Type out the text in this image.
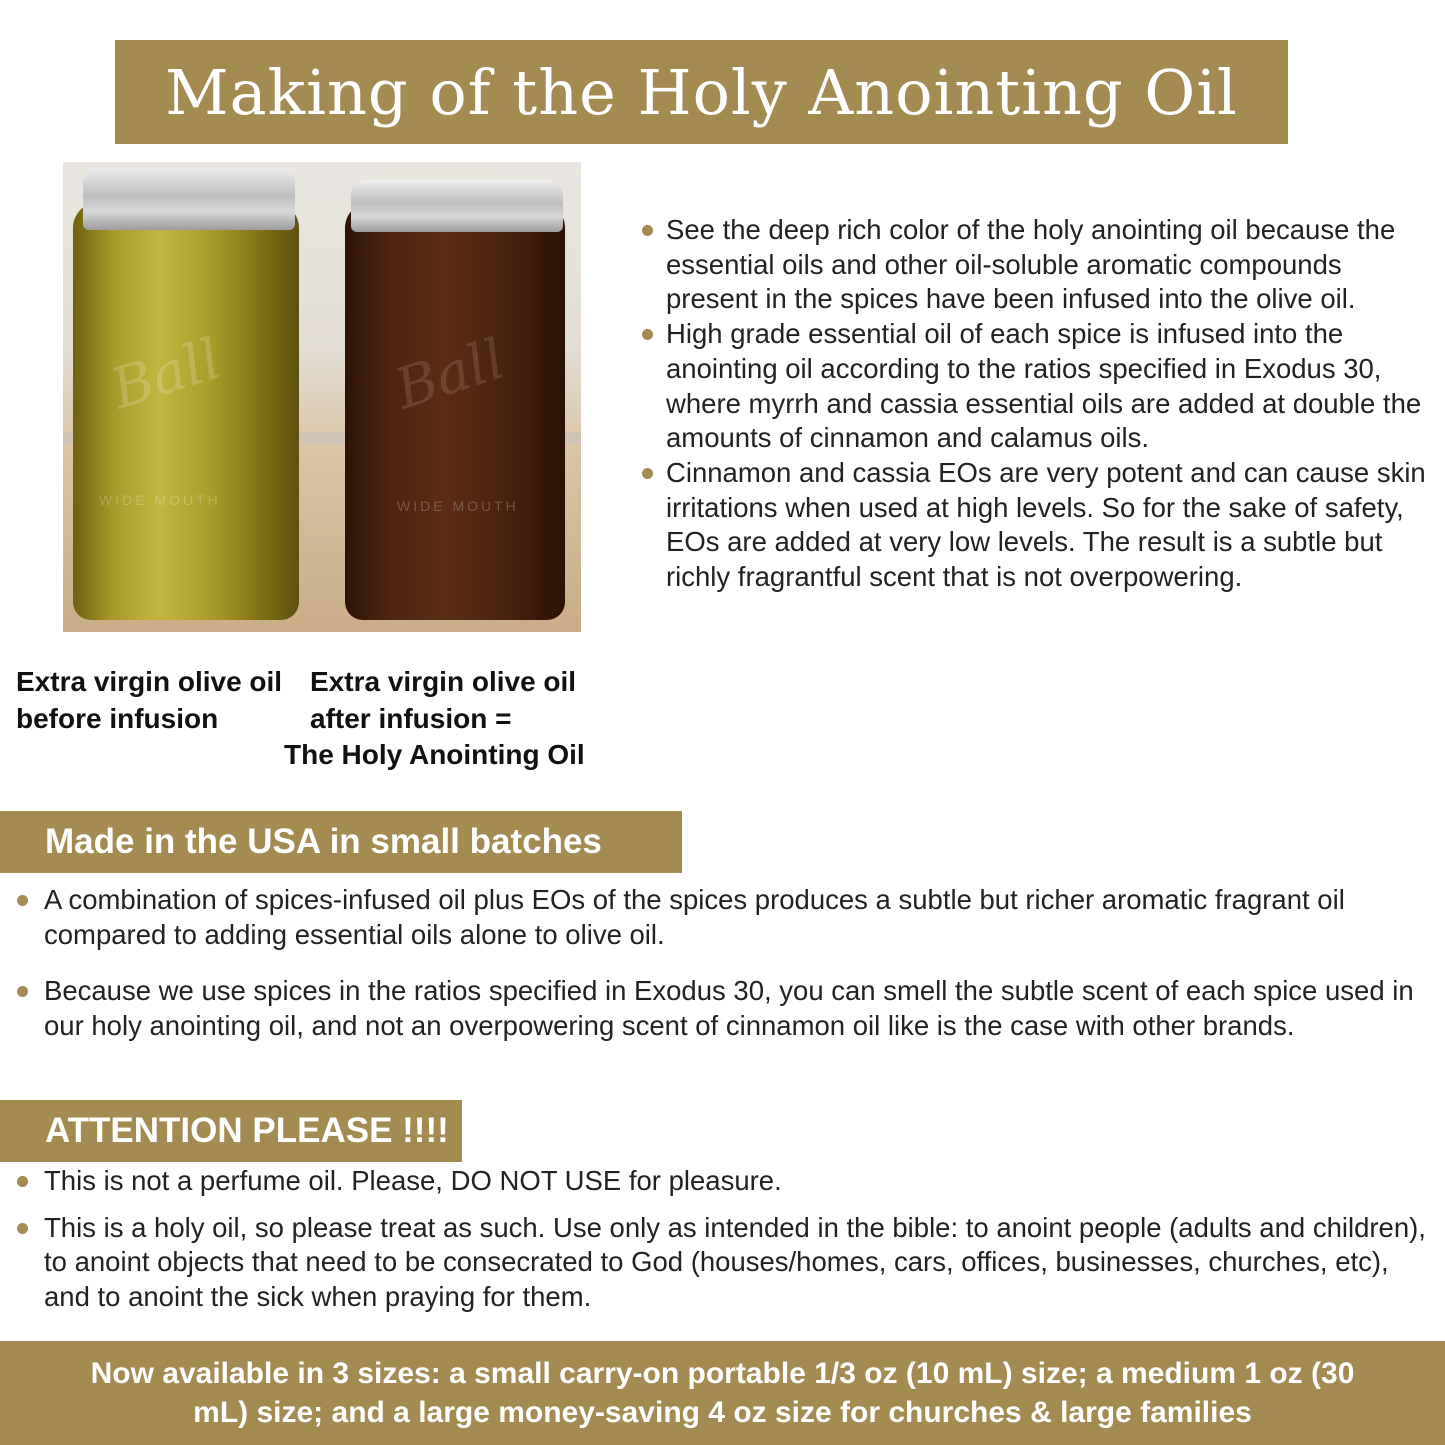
Making of the Holy Anointing Oil
Ball	Ball
WIDE MOUTH	WIDE MOUTH
Extra virgin olive oil before infusion
Extra virgin olive oil after infusion =
The Holy Anointing Oil
See the deep rich color of the holy anointing oil because the essential oils and other oil-soluble aromatic compounds present in the spices have been infused into the olive oil.
High grade essential oil of each spice is infused into the anointing oil according to the ratios specified in Exodus 30, where myrrh and cassia essential oils are added at double the amounts of cinnamon and calamus oils.
Cinnamon and cassia EOs are very potent and can cause skin irritations when used at high levels. So for the sake of safety, EOs are added at very low levels. The result is a subtle but richly fragrantful scent that is not overpowering.
Made in the USA in small batches
A combination of spices-infused oil plus EOs of the spices produces a subtle but richer aromatic fragrant oil compared to adding essential oils alone to olive oil.
Because we use spices in the ratios specified in Exodus 30, you can smell the subtle scent of each spice used in our holy anointing oil, and not an overpowering scent of cinnamon oil like is the case with other brands.
ATTENTION PLEASE !!!!
This is not a perfume oil. Please, DO NOT USE for pleasure.
This is a holy oil, so please treat as such. Use only as intended in the bible: to anoint people (adults and children), to anoint objects that need to be consecrated to God (houses/homes, cars, offices, businesses, churches, etc), and to anoint the sick when praying for them.

Now available in 3 sizes: a small carry-on portable 1/3 oz (10 mL) size; a medium 1 oz (30 mL) size; and a large money-saving 4 oz size for churches & large families
